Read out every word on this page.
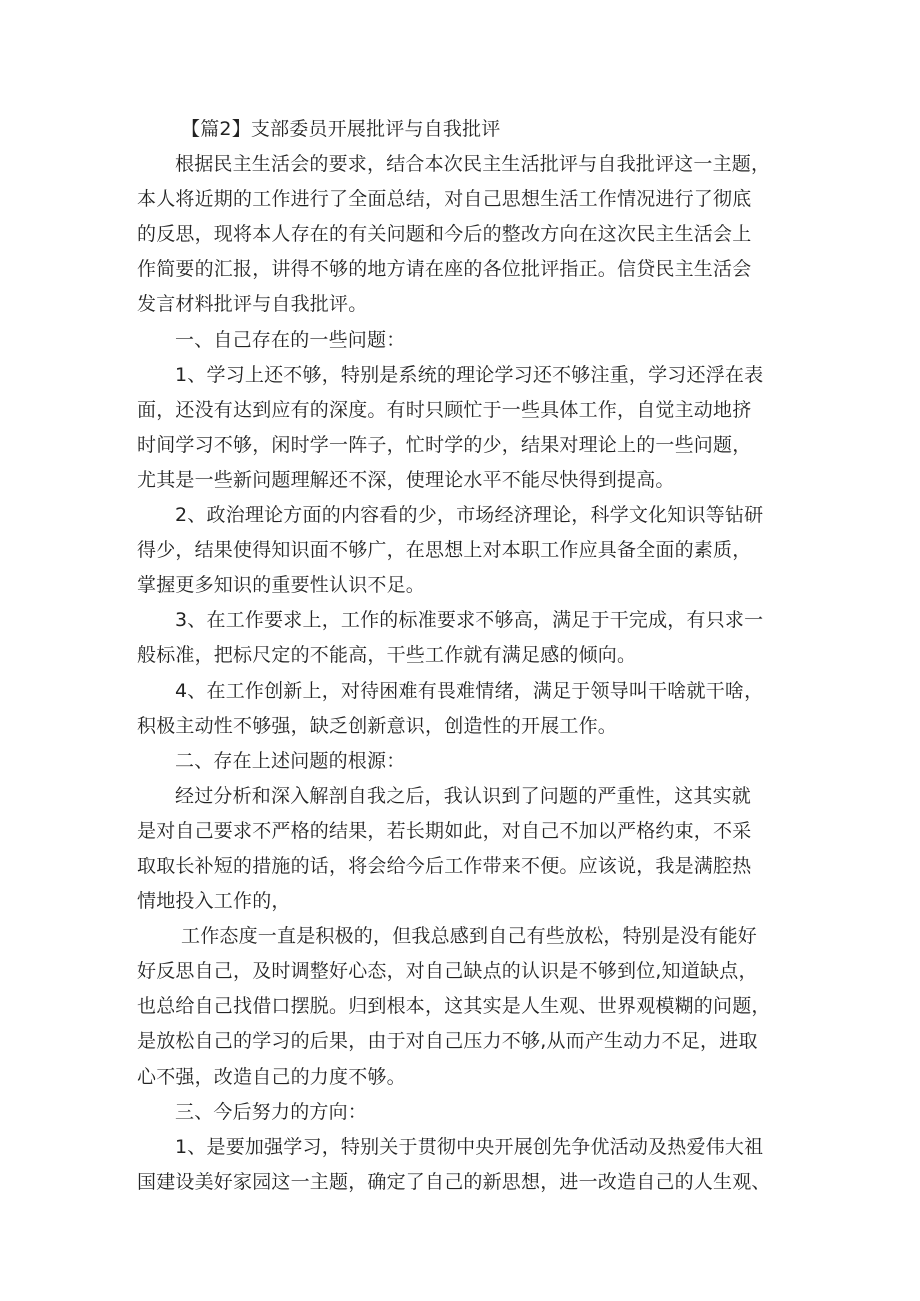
【篇2】支部委员开展批评与自我批评
根据民主生活会的要求，结合本次民主生活批评与自我批评这一主题，
本人将近期的工作进行了全面总结，对自己思想生活工作情况进行了彻底
的反思，现将本人存在的有关问题和今后的整改方向在这次民主生活会上
作简要的汇报，讲得不够的地方请在座的各位批评指正。信贷民主生活会
发言材料批评与自我批评。
一、自己存在的一些问题：
1、学习上还不够，特别是系统的理论学习还不够注重，学习还浮在表
面，还没有达到应有的深度。有时只顾忙于一些具体工作，自觉主动地挤
时间学习不够，闲时学一阵子，忙时学的少，结果对理论上的一些问题，
尤其是一些新问题理解还不深，使理论水平不能尽快得到提高。
2、政治理论方面的内容看的少，市场经济理论，科学文化知识等钻研
得少，结果使得知识面不够广，在思想上对本职工作应具备全面的素质，
掌握更多知识的重要性认识不足。
3、在工作要求上，工作的标准要求不够高，满足于干完成，有只求一
般标准，把标尺定的不能高，干些工作就有满足感的倾向。
4、在工作创新上，对待困难有畏难情绪，满足于领导叫干啥就干啥，
积极主动性不够强，缺乏创新意识，创造性的开展工作。
二、存在上述问题的根源：
经过分析和深入解剖自我之后，我认识到了问题的严重性，这其实就
是对自己要求不严格的结果，若长期如此，对自己不加以严格约束，不采
取取长补短的措施的话，将会给今后工作带来不便。应该说，我是满腔热
情地投入工作的，
工作态度一直是积极的，但我总感到自己有些放松，特别是没有能好
好反思自己，及时调整好心态，对自己缺点的认识是不够到位,知道缺点，
也总给自己找借口摆脱。归到根本，这其实是人生观、世界观模糊的问题，
是放松自己的学习的后果，由于对自己压力不够,从而产生动力不足，进取
心不强，改造自己的力度不够。
三、今后努力的方向：
1、是要加强学习，特别关于贯彻中央开展创先争优活动及热爱伟大祖
国建设美好家园这一主题，确定了自己的新思想，进一改造自己的人生观、
